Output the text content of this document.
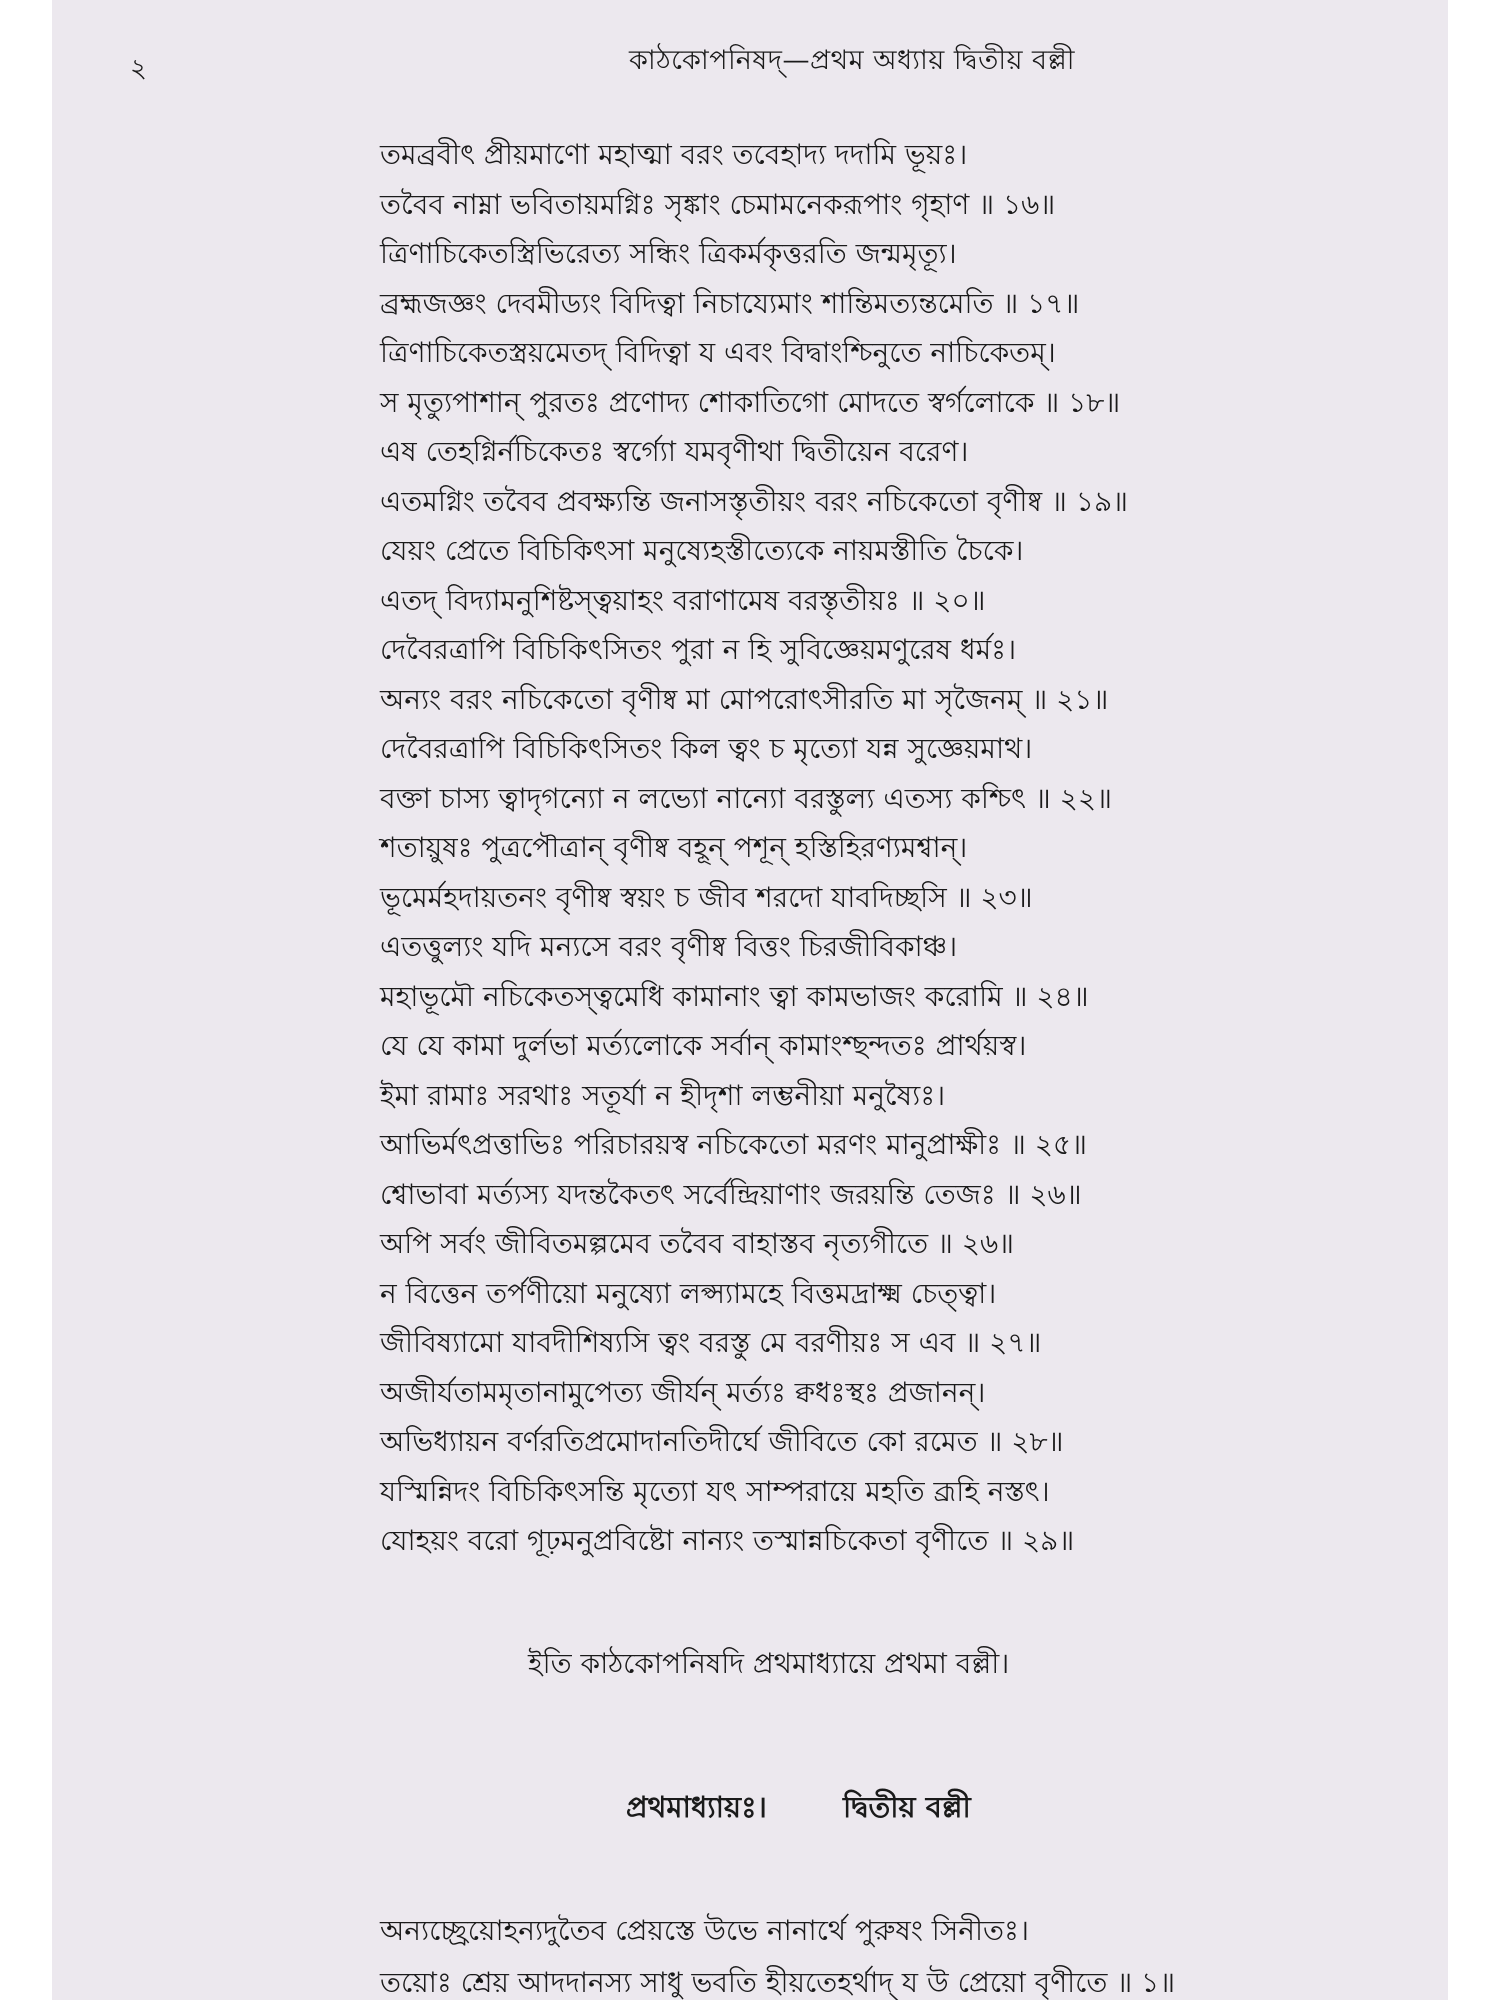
২	কাঠকোপনিষদ্—প্রথম অধ্যায় দ্বিতীয় বল্লী
তমব্রবীৎ প্রীয়মাণো মহাত্মা বরং তবেহাদ্য দদামি ভূয়ঃ।
তবৈব নাম্না ভবিতায়মগ্নিঃ সৃঙ্কাং চেমামনেকরূপাং গৃহাণ ॥ ১৬॥
ত্রিণাচিকেতস্ত্রিভিরেত্য সন্ধিং ত্রিকর্মকৃত্তরতি জন্মমৃত্যূ।
ব্রহ্মজজ্ঞং দেবমীড্যং বিদিত্বা নিচায্যেমাং শান্তিমত্যন্তমেতি ॥ ১৭॥
ত্রিণাচিকেতস্ত্রয়মেতদ্ বিদিত্বা য এবং বিদ্বাংশ্চিনুতে নাচিকেতম্।
স মৃত্যুপাশান্ পুরতঃ প্রণোদ্য শোকাতিগো মোদতে স্বর্গলোকে ॥ ১৮॥
এষ তেহগ্নির্নচিকেতঃ স্বর্গ্যো যমবৃণীথা দ্বিতীয়েন বরেণ।
এতমগ্নিং তবৈব প্রবক্ষ্যন্তি জনাসস্তৃতীয়ং বরং নচিকেতো বৃণীষ্ব ॥ ১৯॥
যেয়ং প্রেতে বিচিকিৎসা মনুষ্যেহস্তীত্যেকে নায়মস্তীতি চৈকে।
এতদ্ বিদ্যামনুশিষ্টস্ত্বয়াহং বরাণামেষ বরস্তৃতীয়ঃ ॥ ২০॥
দেবৈরত্রাপি বিচিকিৎসিতং পুরা ন হি সুবিজ্ঞেয়মণুরেষ ধর্মঃ।
অন্যং বরং নচিকেতো বৃণীষ্ব মা মোপরোৎসীরতি মা সৃজৈনম্ ॥ ২১॥
দেবৈরত্রাপি বিচিকিৎসিতং কিল ত্বং চ মৃত্যো যন্ন সুজ্ঞেয়মাথ।
বক্তা চাস্য ত্বাদৃগন্যো ন লভ্যো নান্যো বরস্তুল্য এতস্য কশ্চিৎ ॥ ২২॥
শতায়ুষঃ পুত্রপৌত্রান্ বৃণীষ্ব বহূন্ পশূন্ হস্তিহিরণ্যমশ্বান্।
ভূমের্মহদায়তনং বৃণীষ্ব স্বয়ং চ জীব শরদো যাবদিচ্ছসি ॥ ২৩॥
এতত্তুল্যং যদি মন্যসে বরং বৃণীষ্ব বিত্তং চিরজীবিকাঞ্চ।
মহাভূমৌ নচিকেতস্ত্বমেধি কামানাং ত্বা কামভাজং করোমি ॥ ২৪॥
যে যে কামা দুর্লভা মর্ত্যলোকে সর্বান্ কামাংশ্ছন্দতঃ প্রার্থয়স্ব।
ইমা রামাঃ সরথাঃ সতূর্যা ন হীদৃশা লম্ভনীয়া মনুষ্যৈঃ।
আভির্মৎপ্রত্তাভিঃ পরিচারয়স্ব নচিকেতো মরণং মানুপ্রাক্ষীঃ ॥ ২৫॥
শ্বোভাবা মর্ত্যস্য যদন্তকৈতৎ সর্বেন্দ্রিয়াণাং জরয়ন্তি তেজঃ ॥ ২৬॥
অপি সর্বং জীবিতমল্পমেব তবৈব বাহাস্তব নৃত্যগীতে ॥ ২৬॥
ন বিত্তেন তর্পণীয়ো মনুষ্যো লপ্স্যামহে বিত্তমদ্রাক্ষ্ম চেত্ত্বা।
জীবিষ্যামো যাবদীশিষ্যসি ত্বং বরস্তু মে বরণীয়ঃ স এব ॥ ২৭॥
অজীর্যতামমৃতানামুপেত্য জীর্যন্ মর্ত্যঃ ক্বধঃস্থঃ প্রজানন্।
অভিধ্যায়ন বর্ণরতিপ্রমোদানতিদীর্ঘে জীবিতে কো রমেত ॥ ২৮॥
যস্মিন্নিদং বিচিকিৎসন্তি মৃত্যো যৎ সাম্পরায়ে মহতি ব্রূহি নস্তৎ।
যোহয়ং বরো গূঢ়মনুপ্রবিষ্টো নান্যং তস্মান্নচিকেতা বৃণীতে ॥ ২৯॥
ইতি কাঠকোপনিষদি প্রথমাধ্যায়ে প্রথমা বল্লী।
প্রথমাধ্যায়ঃ।	দ্বিতীয় বল্লী
অন্যচ্ছ্রেয়োহন্যদুতৈব প্রেয়স্তে উভে নানার্থে পুরুষং সিনীতঃ।
তয়োঃ শ্রেয় আদদানস্য সাধু ভবতি হীয়তেহর্থাদ্ য উ প্রেয়ো বৃণীতে ॥ ১॥
